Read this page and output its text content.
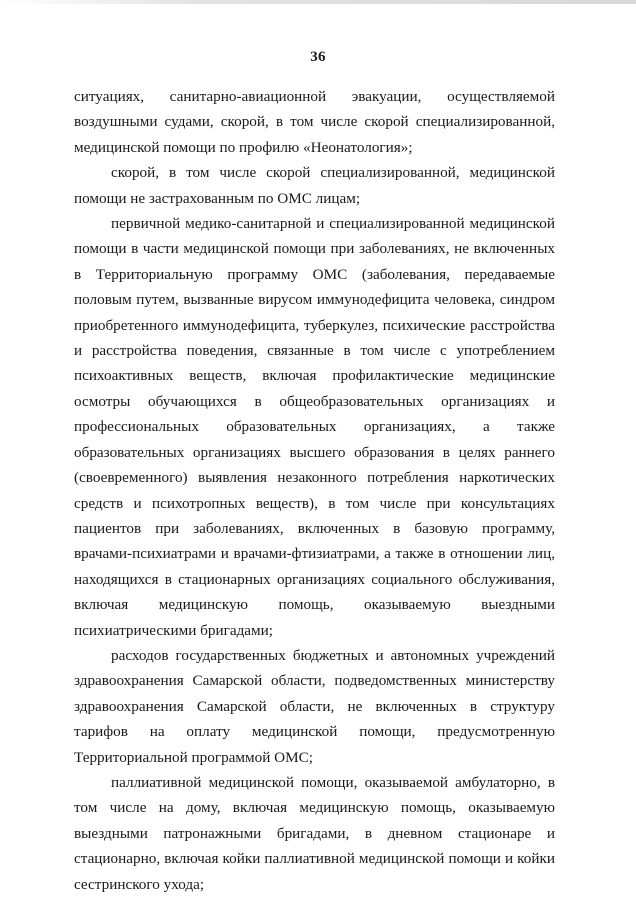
36

ситуациях, санитарно-авиационной эвакуации, осуществляемой воздушными судами, скорой, в том числе скорой специализированной, медицинской помощи по профилю «Неонатология»;

скорой, в том числе скорой специализированной, медицинской помощи не застрахованным по ОМС лицам;

первичной медико-санитарной и специализированной медицинской помощи в части медицинской помощи при заболеваниях, не включенных в Территориальную программу ОМС (заболевания, передаваемые половым путем, вызванные вирусом иммунодефицита человека, синдром приобретенного иммунодефицита, туберкулез, психические расстройства и расстройства поведения, связанные в том числе с употреблением психоактивных веществ, включая профилактические медицинские осмотры обучающихся в общеобразовательных организациях и профессиональных образовательных организациях, а также образовательных организациях высшего образования в целях раннего (своевременного) выявления незаконного потребления наркотических средств и психотропных веществ), в том числе при консультациях пациентов при заболеваниях, включенных в базовую программу, врачами-психиатрами и врачами-фтизиатрами, а также в отношении лиц, находящихся в стационарных организациях социального обслуживания, включая медицинскую помощь, оказываемую выездными психиатрическими бригадами;

расходов государственных бюджетных и автономных учреждений здравоохранения Самарской области, подведомственных министерству здравоохранения Самарской области, не включенных в структуру тарифов на оплату медицинской помощи, предусмотренную Территориальной программой ОМС;

паллиативной медицинской помощи, оказываемой амбулаторно, в том числе на дому, включая медицинскую помощь, оказываемую выездными патронажными бригадами, в дневном стационаре и стационарно, включая койки паллиативной медицинской помощи и койки сестринского ухода;
